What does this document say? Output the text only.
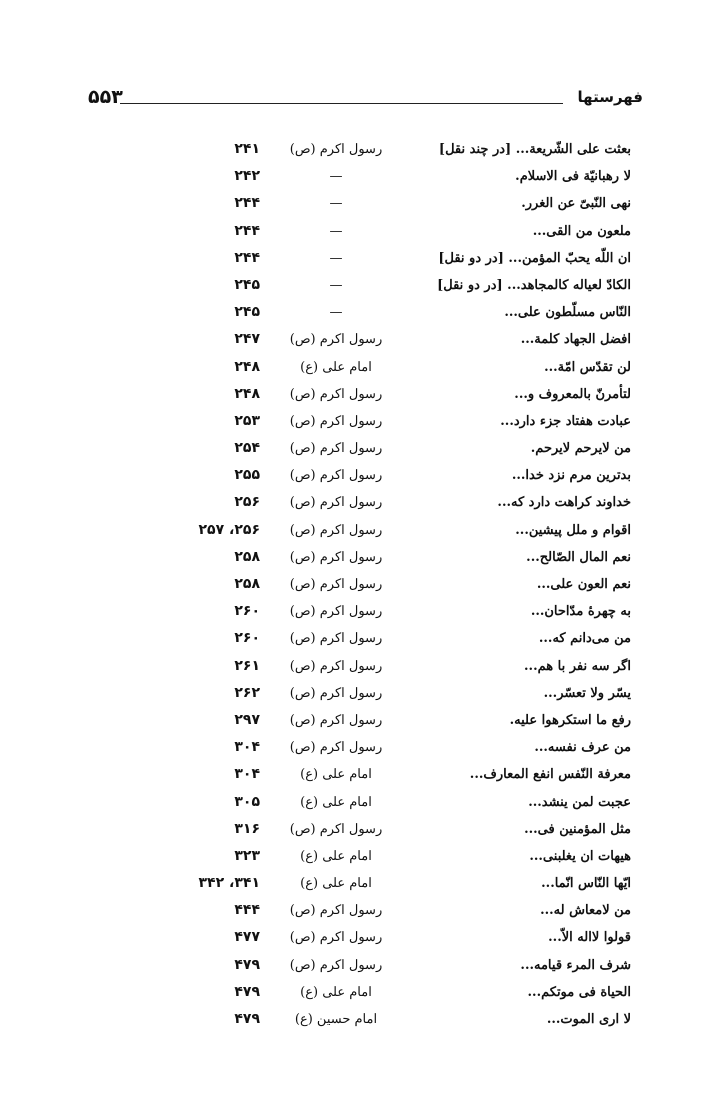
۵۵۳	فهرستها
بعثت على الشّريعة... [در چند نقل]
رسول اكرم (ص)
۲۴۱
لا رهبانيّة فى الاسلام.
—
۲۴۲
نهى النّبىّ عن الغرر.
—
۲۴۴
ملعون من القى...
—
۲۴۴
ان اللّه يحبّ المؤمن... [در دو نقل]
—
۲۴۴
الكادّ لعياله كالمجاهد... [در دو نقل]
—
۲۴۵
النّاس مسلّطون على...
—
۲۴۵
افضل الجهاد كلمة...
رسول اكرم (ص)
۲۴۷
لن تقدّس امّة...
امام على (ع)
۲۴۸
لتأمرنّ بالمعروف و...
رسول اكرم (ص)
۲۴۸
عبادت هفتاد جزء دارد...
رسول اكرم (ص)
۲۵۳
من لايرحم لايرحم.
رسول اكرم (ص)
۲۵۴
بدترين مرم نزد خدا...
رسول اكرم (ص)
۲۵۵
خداوند كراهت دارد كه...
رسول اكرم (ص)
۲۵۶
اقوام و ملل پيشين...
رسول اكرم (ص)
۲۵۶، ۲۵۷
نعم المال الصّالح...
رسول اكرم (ص)
۲۵۸
نعم العون على...
رسول اكرم (ص)
۲۵۸
به چهرهٔ مدّاحان...
رسول اكرم (ص)
۲۶۰
من مى‌دانم كه...
رسول اكرم (ص)
۲۶۰
اگر سه نفر با هم...
رسول اكرم (ص)
۲۶۱
يسّر ولا تعسّر...
رسول اكرم (ص)
۲۶۲
رفع ما استكرهوا عليه.
رسول اكرم (ص)
۲۹۷
من عرف نفسه...
رسول اكرم (ص)
۳۰۴
معرفة النّفس انفع المعارف...
امام على (ع)
۳۰۴
عجبت لمن ينشد...
امام على (ع)
۳۰۵
مثل المؤمنين فى...
رسول اكرم (ص)
۳۱۶
هيهات ان يغلبنى...
امام على (ع)
۳۲۳
ايّها النّاس انّما...
امام على (ع)
۳۴۱، ۳۴۲
من لامعاش له...
رسول اكرم (ص)
۴۴۴
قولوا لااله الاّ...
رسول اكرم (ص)
۴۷۷
شرف المرء قيامه...
رسول اكرم (ص)
۴۷۹
الحياة فى موتكم...
امام على (ع)
۴۷۹
لا ارى الموت...
امام حسين (ع)
۴۷۹
